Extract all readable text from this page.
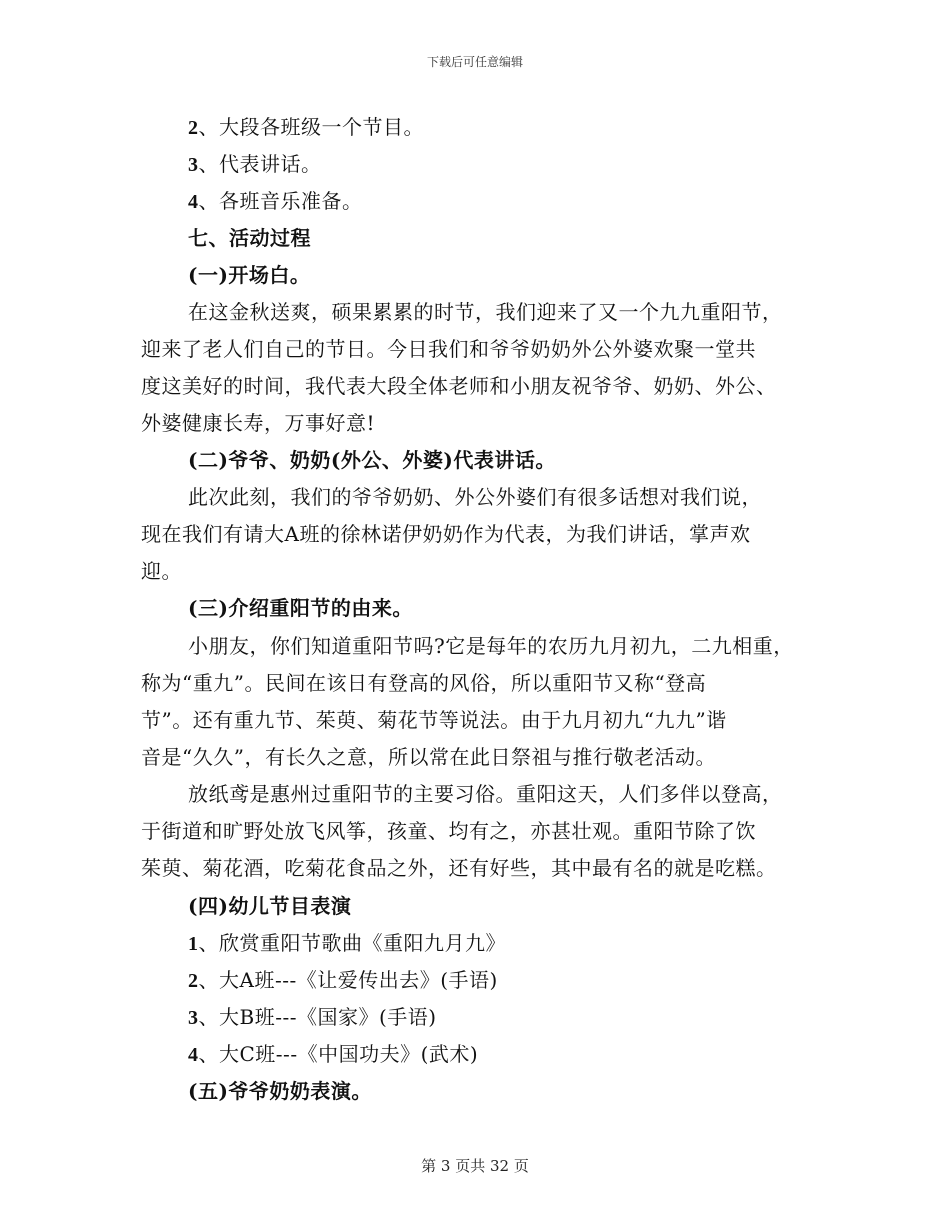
下载后可任意编辑
2、大段各班级一个节目。
3、代表讲话。
4、各班音乐准备。
七、活动过程
(一)开场白。
在这金秋送爽，硕果累累的时节，我们迎来了又一个九九重阳节，
迎来了老人们自己的节日。今日我们和爷爷奶奶外公外婆欢聚一堂共
度这美好的时间，我代表大段全体老师和小朋友祝爷爷、奶奶、外公、
外婆健康长寿，万事好意!
(二)爷爷、奶奶(外公、外婆)代表讲话。
此次此刻，我们的爷爷奶奶、外公外婆们有很多话想对我们说，
现在我们有请大A班的徐林诺伊奶奶作为代表，为我们讲话，掌声欢
迎。
(三)介绍重阳节的由来。
小朋友，你们知道重阳节吗?它是每年的农历九月初九，二九相重，
称为“重九”。民间在该日有登高的风俗，所以重阳节又称“登高
节”。还有重九节、茱萸、菊花节等说法。由于九月初九“九九”谐
音是“久久”，有长久之意，所以常在此日祭祖与推行敬老活动。
放纸鸢是惠州过重阳节的主要习俗。重阳这天，人们多伴以登高，
于街道和旷野处放飞风筝，孩童、均有之，亦甚壮观。重阳节除了饮
茱萸、菊花酒，吃菊花食品之外，还有好些，其中最有名的就是吃糕。
(四)幼儿节目表演
1、欣赏重阳节歌曲《重阳九月九》
2、大A班---《让爱传出去》(手语)
3、大B班---《国家》(手语)
4、大C班---《中国功夫》(武术)
(五)爷爷奶奶表演。
第 3 页共 32 页
